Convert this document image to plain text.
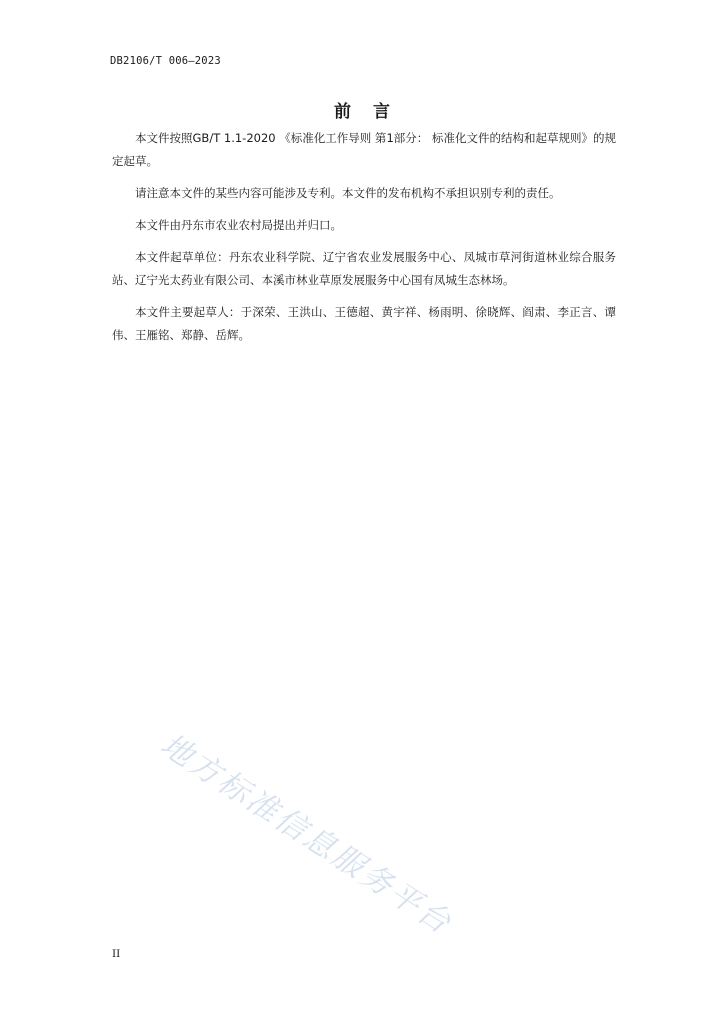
DB2106/T 006—2023
前言

本文件按照GB/T 1.1-2020 《标准化工作导则 第1部分： 标准化文件的结构和起草规则》的规定起草。

请注意本文件的某些内容可能涉及专利。本文件的发布机构不承担识别专利的责任。

本文件由丹东市农业农村局提出并归口。

本文件起草单位：丹东农业科学院、辽宁省农业发展服务中心、凤城市草河街道林业综合服务站、辽宁光太药业有限公司、本溪市林业草原发展服务中心国有凤城生态林场。

本文件主要起草人：于深荣、王洪山、王德超、黄宇祥、杨雨明、徐晓辉、阎肃、李正言、谭伟、王雁铭、郑静、岳辉。

地方标准信息服务平台
II
